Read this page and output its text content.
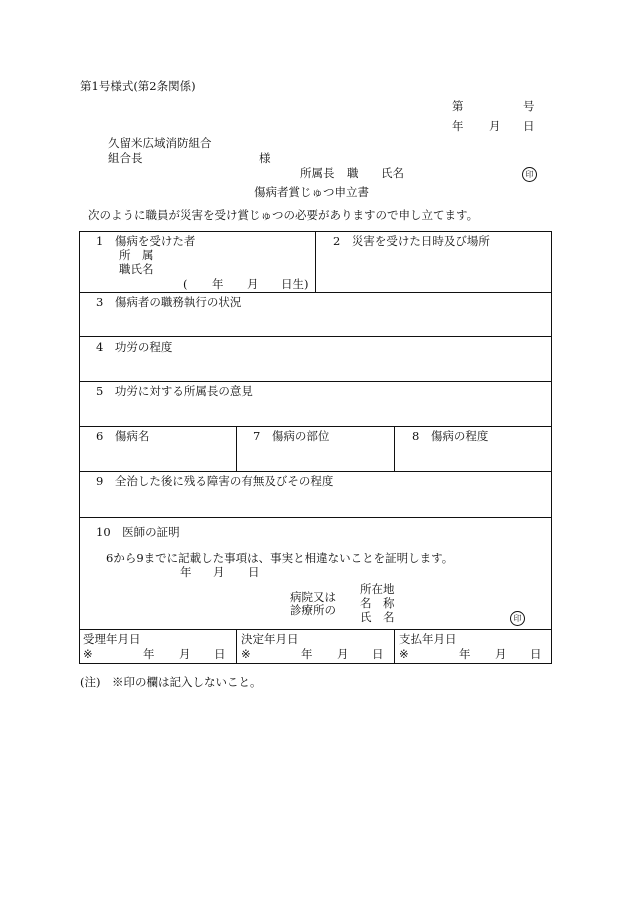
第1号様式(第2条関係)
第	号
年 月 日
久留米広域消防組合
組合長	様
所属長 職 氏名	印
傷病者賞じゅつ申立書
次のように職員が災害を受け賞じゅつの必要がありますので申し立てます。
1　傷病を受けた者
所　属
職氏名
( 年 月 日生)
2　災害を受けた日時及び場所
3　傷病者の職務執行の状況
4　功労の程度
5　功労に対する所属長の意見
6　傷病名	7　傷病の部位	8　傷病の程度
9　全治した後に残る障害の有無及びその程度
10　医師の証明
6から9までに記載した事項は、事実と相違ないことを証明します。
年 月 日
病院又は
診療所の
所在地
名　称
氏　名	印
受理年月日
※	年 月 日
決定年月日
※	年 月 日
支払年月日
※	年 月 日
(注)　※印の欄は記入しないこと。
